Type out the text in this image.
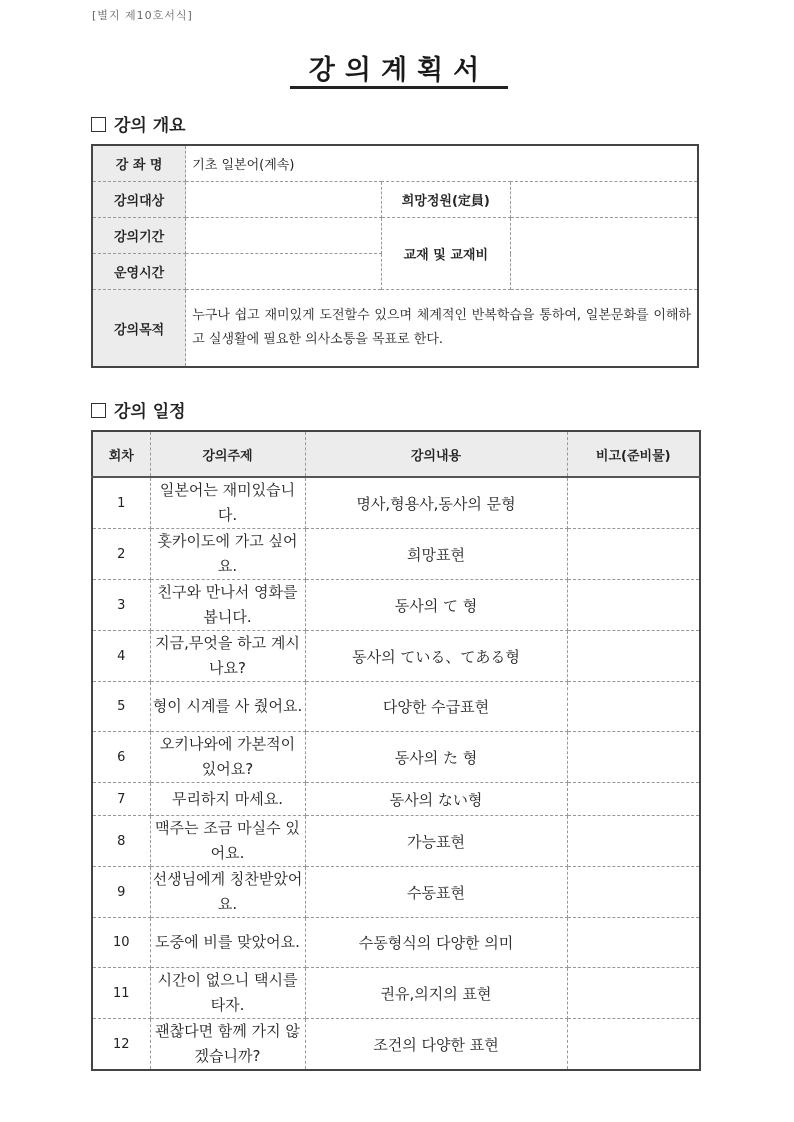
[별지 제10호서식]
강의계획서
강의 개요
강 좌 명	기초 일본어(계속)		
강의대상		희망정원(定員)	
강의기간		교재 및 교재비	
운영시간			
강의목적	누구나 쉽고 재미있게 도전할수 있으며 체계적인 반복학습을 통하여, 일본문화를 이해하고 실생활에 필요한 의사소통을 목표로 한다.		
강의 일정
회차	강의주제	강의내용	비고(준비물)
1	일본어는 재미있습니다.	명사,형용사,동사의 문형	
2	홋카이도에 가고 싶어요.	희망표현	
3	친구와 만나서 영화를 봅니다.	동사의 て 형	
4	지금,무엇을 하고 계시나요?	동사의 ている、てある형	
5	형이 시계를 사 줬어요.	다양한 수급표현	
6	오키나와에 가본적이 있어요?	동사의 た 형	
7	무리하지 마세요.	동사의 ない형	
8	맥주는 조금 마실수 있어요.	가능표현	
9	선생님에게 칭찬받았어요.	수동표현	
10	도중에 비를 맞았어요.	수동형식의 다양한 의미	
11	시간이 없으니 택시를 타자.	권유,의지의 표현	
12	괜찮다면 함께 가지 않겠습니까?	조건의 다양한 표현	
